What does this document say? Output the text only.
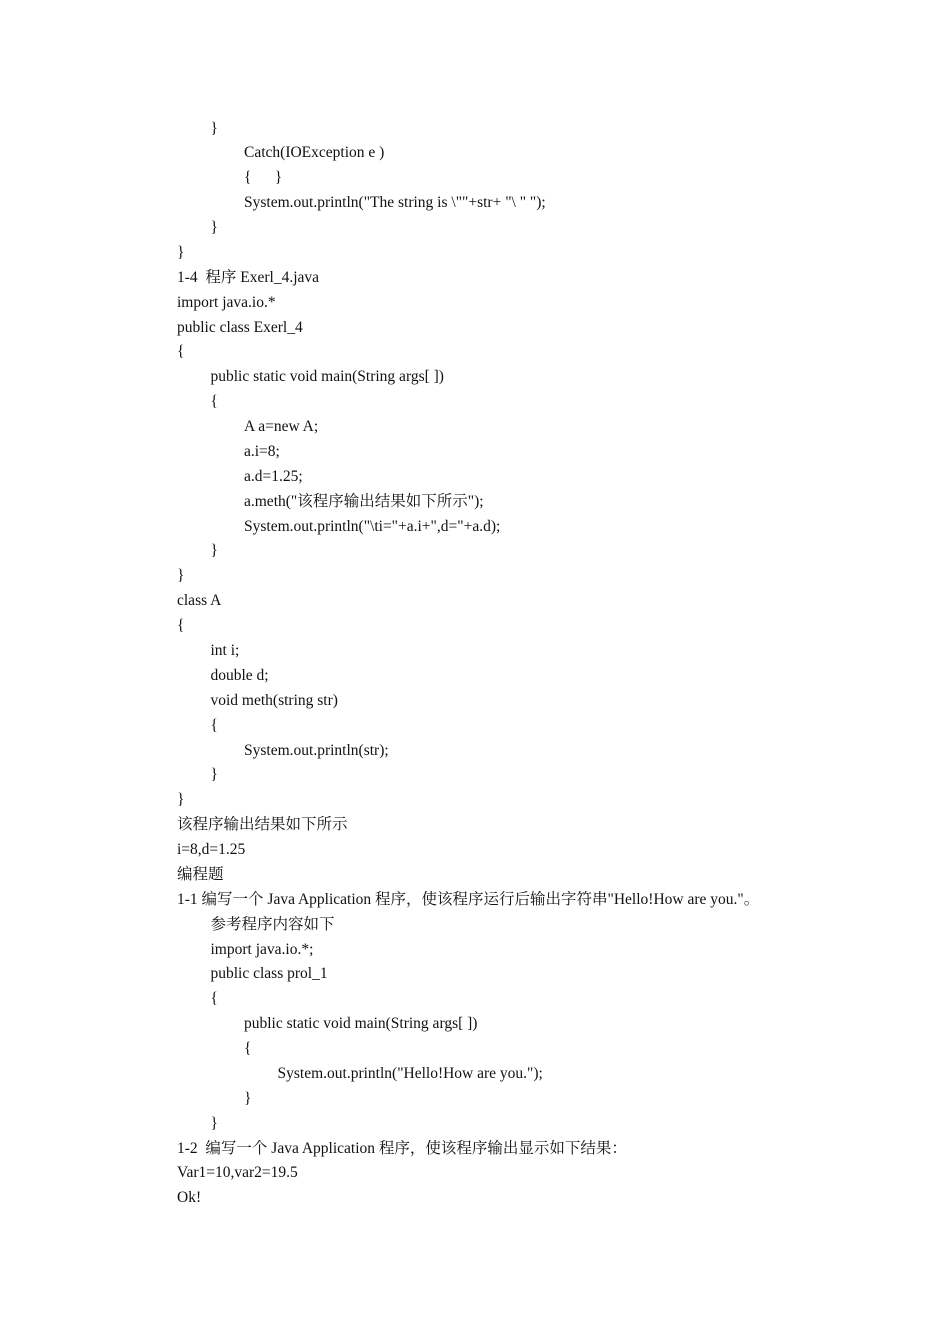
}
Catch(IOException e )
{      }
System.out.println("The string is \""+str+ "\ " ");
}
}
1-4  程序 Exerl_4.java
import java.io.*
public class Exerl_4
{
public static void main(String args[ ])
{
A a=new A;
a.i=8;
a.d=1.25;
a.meth("该程序输出结果如下所示");
System.out.println("\ti="+a.i+",d="+a.d);
}
}
class A
{
int i;
double d;
void meth(string str)
{
System.out.println(str);
}
}
该程序输出结果如下所示
i=8,d=1.25
编程题
1-1 编写一个 Java Application 程序，使该程序运行后输出字符串"Hello!How are you."。
参考程序内容如下
import java.io.*;
public class prol_1
{
public static void main(String args[ ])
{
System.out.println("Hello!How are you.");
}
}
1-2  编写一个 Java Application 程序，使该程序输出显示如下结果：
Var1=10,var2=19.5
Ok!
